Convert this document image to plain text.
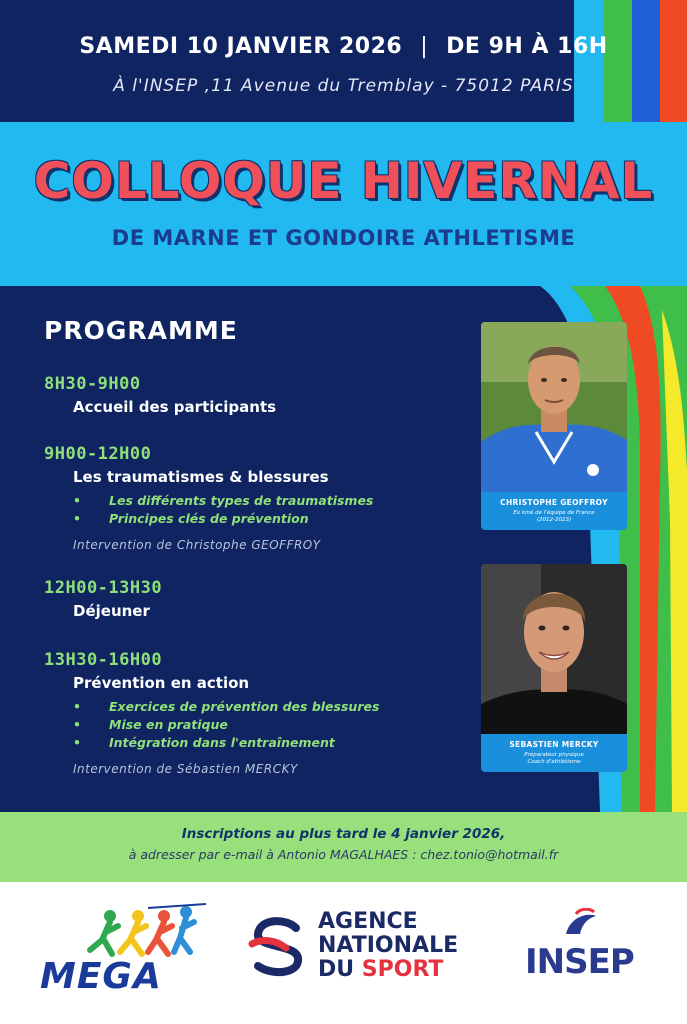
SAMEDI 10 JANVIER 2026 | DE 9H À 16H
À l'INSEP ,11 Avenue du Tremblay - 75012 PARIS
COLLOQUE HIVERNAL
DE MARNE ET GONDOIRE ATHLETISME
PROGRAMME
8H30-9H00
Accueil des participants
9H00-12H00
Les traumatismes & blessures
• Les différents types de traumatismes
• Principes clés de prévention
Intervention de Christophe GEOFFROY
12H00-13H30
Déjeuner
13H30-16H00
Prévention en action
• Exercices de prévention des blessures
• Mise en pratique
• Intégration dans l'entraînement
Intervention de Sébastien MERCKY
CHRISTOPHE GEOFFROY
Ex kiné de l'équipe de France
(2012-2023)
SEBASTIEN MERCKY
Préparateur physique
Coach d'athlétisme
Inscriptions au plus tard le 4 janvier 2026,
à adresser par e-mail à Antonio MAGALHAES : chez.tonio@hotmail.fr
MEGA
AGENCE
NATIONALE
DU SPORT	INSEP
